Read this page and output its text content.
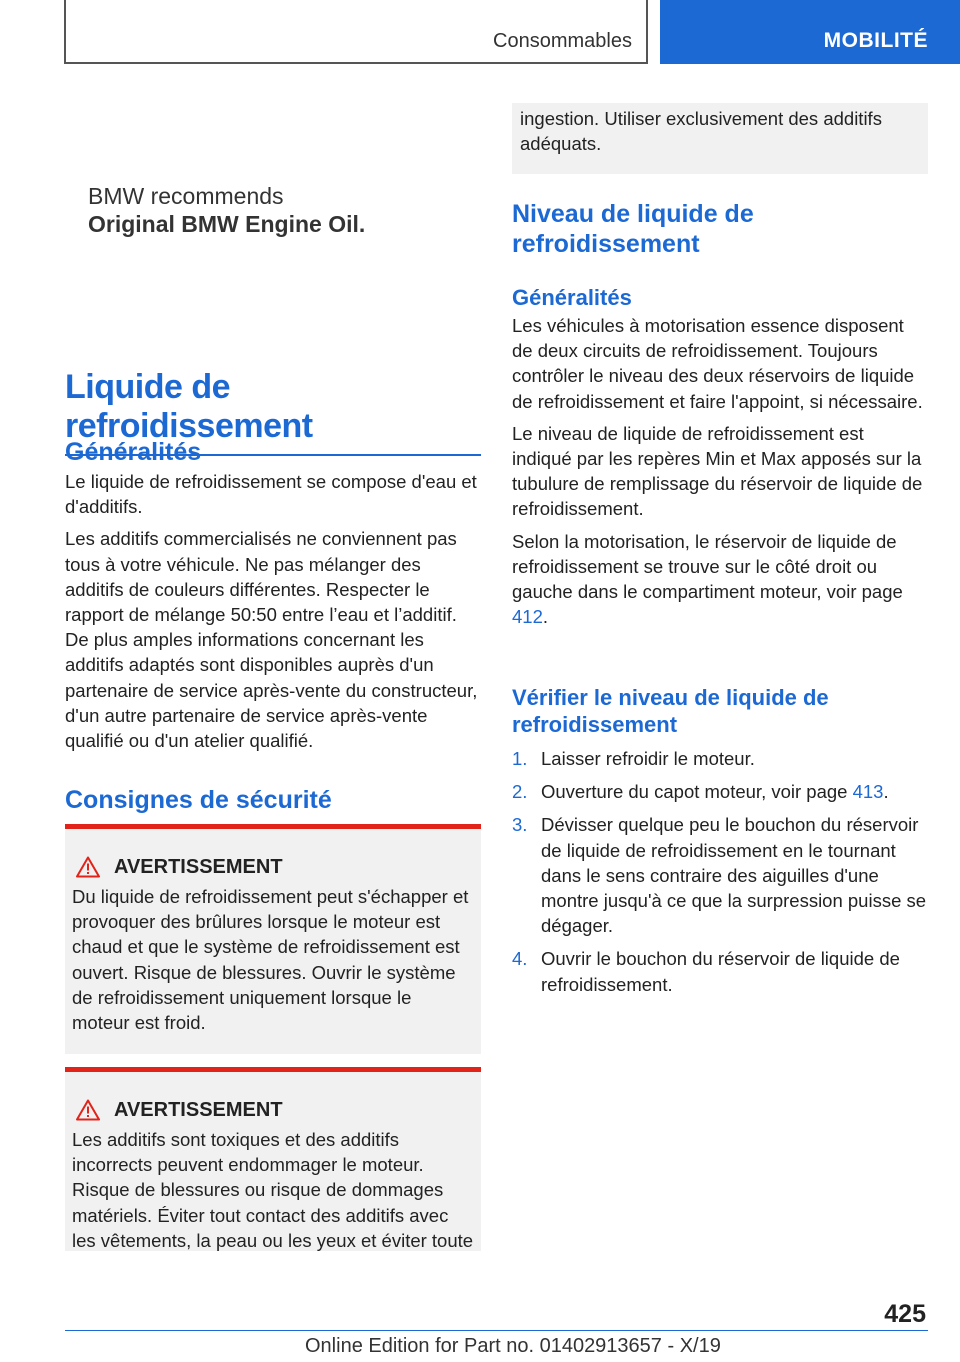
Consommables	MOBILITÉ
BMW recommends
Original BMW Engine Oil.
Liquide de refroidissement
Généralités

Le liquide de refroidissement se compose d'eau et d'additifs.

Les additifs commercialisés ne conviennent pas tous à votre véhicule. Ne pas mélanger des additifs de couleurs différentes. Respecter le rapport de mélange 50:50 entre l’eau et l’additif. De plus amples informations concernant les additifs adaptés sont disponibles auprès d'un partenaire de service après-vente du constructeur, d'un autre partenaire de service après-vente qualifié ou d'un atelier qualifié.

Consignes de sécurité
AVERTISSEMENT

Du liquide de refroidissement peut s'échapper et provoquer des brûlures lorsque le moteur est chaud et que le système de refroidissement est ouvert. Risque de blessures. Ouvrir le système de refroidissement uniquement lorsque le moteur est froid.

AVERTISSEMENT

Les additifs sont toxiques et des additifs incorrects peuvent endommager le moteur. Risque de blessures ou risque de dommages matériels. Éviter tout contact des additifs avec les vêtements, la peau ou les yeux et éviter toute

ingestion. Utiliser exclusivement des additifs adéquats.

Niveau de liquide de refroidissement
Généralités

Les véhicules à motorisation essence disposent de deux circuits de refroidissement. Toujours contrôler le niveau des deux réservoirs de liquide de refroidissement et faire l'appoint, si nécessaire.

Le niveau de liquide de refroidissement est indiqué par les repères Min et Max apposés sur la tubulure de remplissage du réservoir de liquide de refroidissement.

Selon la motorisation, le réservoir de liquide de refroidissement se trouve sur le côté droit ou gauche dans le compartiment moteur, voir page 412.

Vérifier le niveau de liquide de refroidissement
1. Laisser refroidir le moteur.
2. Ouverture du capot moteur, voir page 413.
3. Dévisser quelque peu le bouchon du réservoir de liquide de refroidissement en le tournant dans le sens contraire des aiguilles d'une montre jusqu'à ce que la surpression puisse se dégager.
4. Ouvrir le bouchon du réservoir de liquide de refroidissement.
425
Online Edition for Part no. 01402913657 - X/19
